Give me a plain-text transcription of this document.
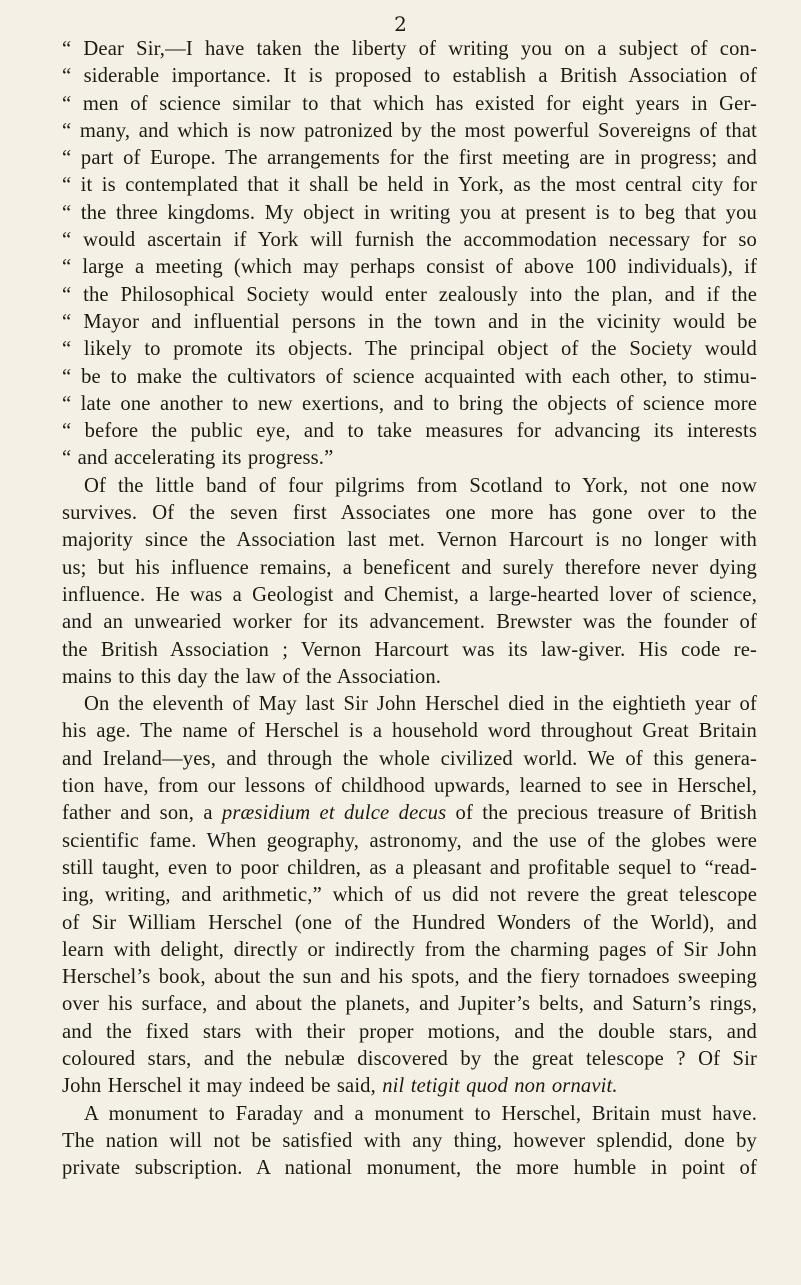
2
“ Dear Sir,—I have taken the liberty of writing you on a subject of con-
“ siderable importance. It is proposed to establish a British Association of
“ men of science similar to that which has existed for eight years in Ger-
“ many, and which is now patronized by the most powerful Sovereigns of that
“ part of Europe. The arrangements for the first meeting are in progress; and
“ it is contemplated that it shall be held in York, as the most central city for
“ the three kingdoms. My object in writing you at present is to beg that you
“ would ascertain if York will furnish the accommodation necessary for so
“ large a meeting (which may perhaps consist of above 100 individuals), if
“ the Philosophical Society would enter zealously into the plan, and if the
“ Mayor and influential persons in the town and in the vicinity would be
“ likely to promote its objects. The principal object of the Society would
“ be to make the cultivators of science acquainted with each other, to stimu-
“ late one another to new exertions, and to bring the objects of science more
“ before the public eye, and to take measures for advancing its interests
“ and accelerating its progress.”
Of the little band of four pilgrims from Scotland to York, not one now
survives. Of the seven first Associates one more has gone over to the
majority since the Association last met. Vernon Harcourt is no longer with
us; but his influence remains, a beneficent and surely therefore never dying
influence. He was a Geologist and Chemist, a large-hearted lover of science,
and an unwearied worker for its advancement. Brewster was the founder of
the British Association ; Vernon Harcourt was its law-giver. His code re-
mains to this day the law of the Association.
On the eleventh of May last Sir John Herschel died in the eightieth year of
his age. The name of Herschel is a household word throughout Great Britain
and Ireland—yes, and through the whole civilized world. We of this genera-
tion have, from our lessons of childhood upwards, learned to see in Herschel,
father and son, a præsidium et dulce decus of the precious treasure of British
scientific fame. When geography, astronomy, and the use of the globes were
still taught, even to poor children, as a pleasant and profitable sequel to “read-
ing, writing, and arithmetic,” which of us did not revere the great telescope
of Sir William Herschel (one of the Hundred Wonders of the World), and
learn with delight, directly or indirectly from the charming pages of Sir John
Herschel’s book, about the sun and his spots, and the fiery tornadoes sweeping
over his surface, and about the planets, and Jupiter’s belts, and Saturn’s rings,
and the fixed stars with their proper motions, and the double stars, and
coloured stars, and the nebulæ discovered by the great telescope ? Of Sir
John Herschel it may indeed be said, nil tetigit quod non ornavit.
A monument to Faraday and a monument to Herschel, Britain must have.
The nation will not be satisfied with any thing, however splendid, done by
private subscription. A national monument, the more humble in point of
